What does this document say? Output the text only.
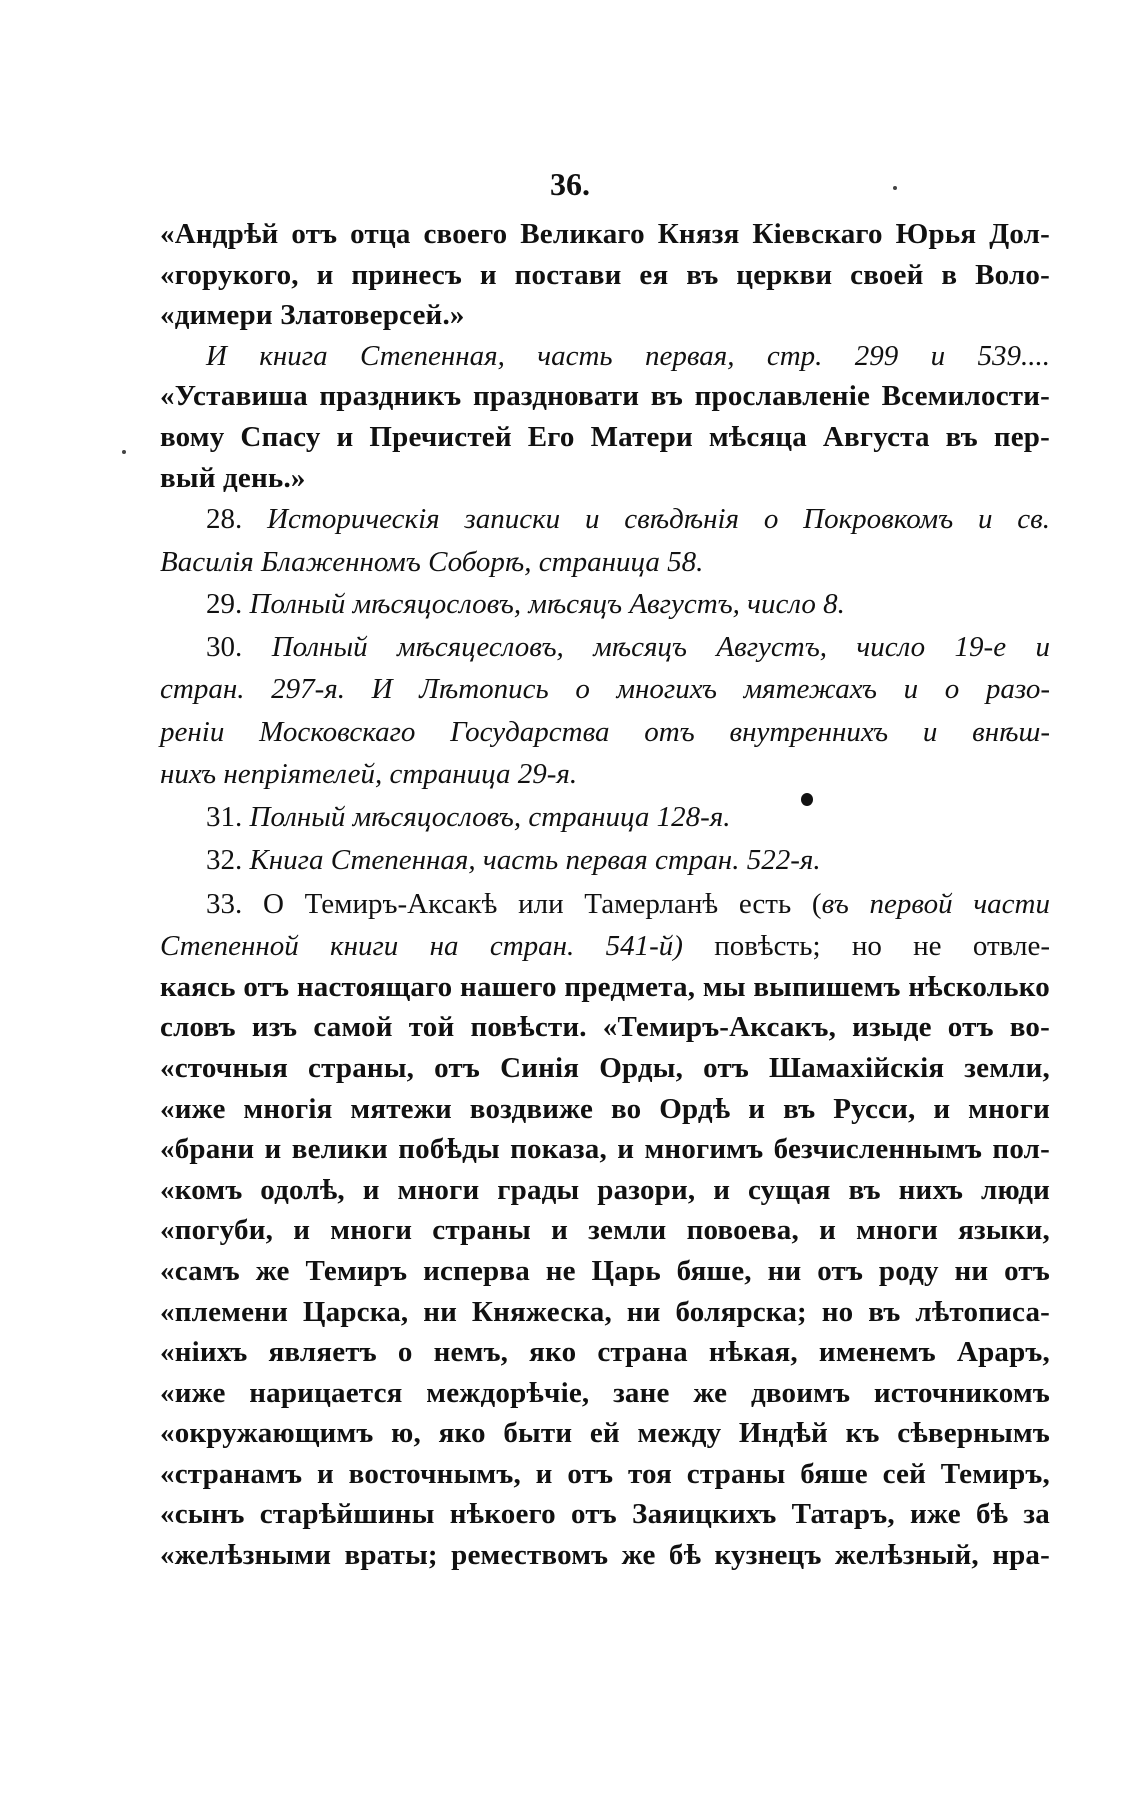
36.
«Андрѣй отъ отца своего Великаго Князя Кіевскаго Юрья Дол-
«горукого, и принесъ и постави ея въ церкви своей в Воло-
«димери Златоверсей.»
И книга Степенная, часть первая, стр. 299 и 539....
«Уставиша праздникъ праздновати въ прославленіе Всемилости-
вому Спасу и Пречистей Его Матери мѣсяца Августа въ пер-
вый день.»
28. Историческія записки и свѣдѣнія о Покровкомъ и св.
Василія Блаженномъ Соборѣ, страница 58.
29. Полный мѣсяцословъ, мѣсяцъ Августъ, число 8.
30. Полный мѣсяцесловъ, мѣсяцъ Августъ, число 19-е и
стран. 297-я. И Лѣтопись о многихъ мятежахъ и о разо-
реніи Московскаго Государства отъ внутреннихъ и внѣш-
нихъ непріятелей, страница 29-я.
31. Полный мѣсяцословъ, страница 128-я.
32. Книга Степенная, часть первая стран. 522-я.
33. О Темиръ-Аксакѣ или Тамерланѣ есть (въ первой части
Степенной книги на стран. 541-й) повѣсть; но не отвле-
каясь отъ настоящаго нашего предмета, мы выпишемъ нѣсколько
словъ изъ самой той повѣсти. «Темиръ-Аксакъ, изыде отъ во-
«сточныя страны, отъ Синія Орды, отъ Шамахійскія земли,
«иже многія мятежи воздвиже во Ордѣ и въ Русси, и многи
«брани и велики побѣды показа, и многимъ безчисленнымъ пол-
«комъ одолѣ, и многи грады разори, и сущая въ нихъ люди
«погуби, и многи страны и земли повоева, и многи языки,
«самъ же Темиръ исперва не Царь бяше, ни отъ роду ни отъ
«племени Царска, ни Княжеска, ни болярска; но въ лѣтописа-
«ніихъ являетъ о немъ, яко страна нѣкая, именемъ Араръ,
«иже нарицается междорѣчіе, зане же двоимъ источникомъ
«окружающимъ ю, яко быти ей между Индѣй къ сѣвернымъ
«странамъ и восточнымъ, и отъ тоя страны бяше сей Темиръ,
«сынъ старѣйшины нѣкоего отъ Заяицкихъ Татаръ, иже бѣ за
«желѣзными враты; ремествомъ же бѣ кузнецъ желѣзный, нра-
